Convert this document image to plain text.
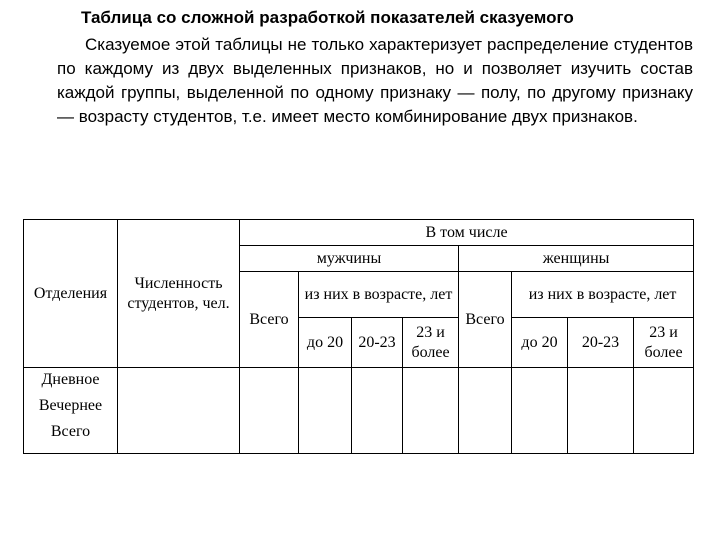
Таблица со сложной разработкой показателей сказуемого
Сказуемое этой таблицы не только характеризует распределение студентов по каждому из двух выделенных признаков, но и позволяет изучить состав каждой группы, выделенной по одному признаку — полу, по другому признаку — возрасту студентов, т.е. имеет место комбинирование двух признаков.
Отделения	Численность студентов, чел.	В том числе							
		мужчины				женщины			
		Всего	из них в возрасте, лет			Всего	из них в возрасте, лет		
			до 20	20-23	23 и более		до 20	20-23	23 и более

Дневное
Вечернее
Всего									
